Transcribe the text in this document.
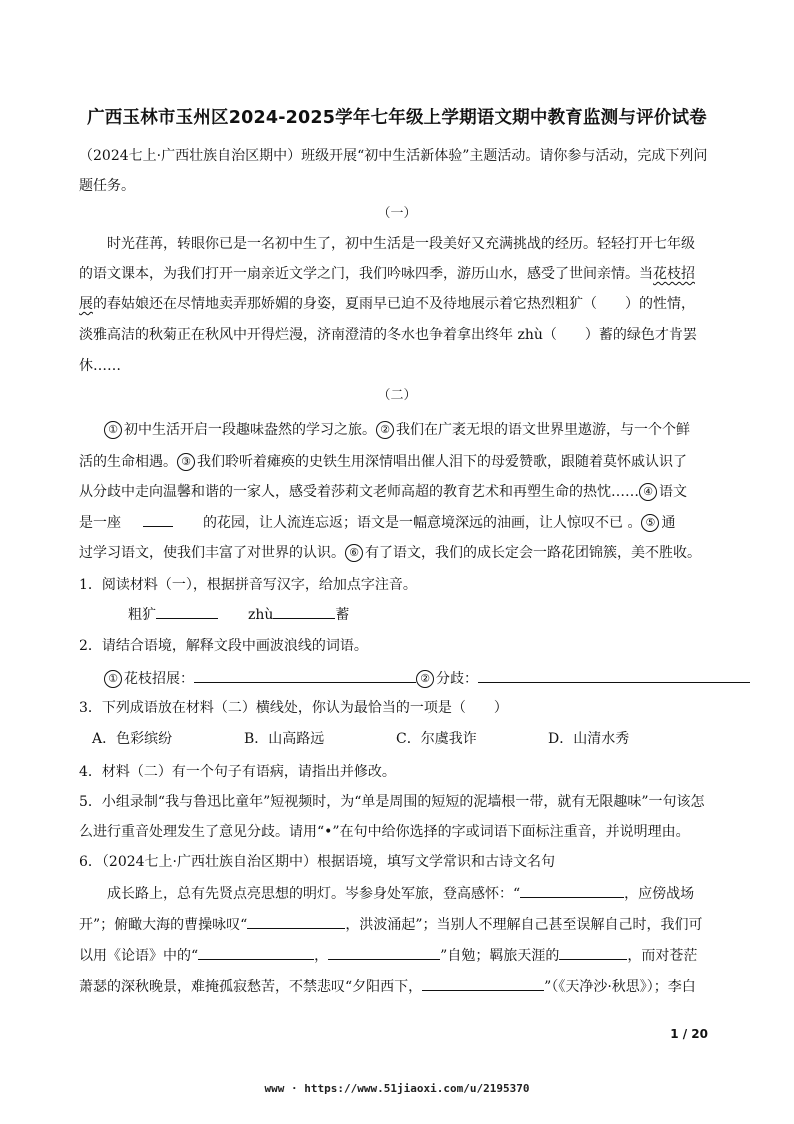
广西玉林市玉州区2024-2025学年七年级上学期语文期中教育监测与评价试卷
（2024七上·广西壮族自治区期中）班级开展“初中生活新体验”主题活动。请你参与活动，完成下列问
题任务。
（一）
时光荏苒，转眼你已是一名初中生了，初中生活是一段美好又充满挑战的经历。轻轻打开七年级
的语文课本，为我们打开一扇亲近文学之门，我们吟咏四季，游历山水，感受了世间亲情。当花枝招
展的春姑娘还在尽情地卖弄那娇媚的身姿，夏雨早已迫不及待地展示着它热烈粗犷（　　）的性情，
淡雅高洁的秋菊正在秋风中开得烂漫，济南澄清的冬水也争着拿出终年 zhù（　　）蓄的绿色才肯罢
休……
（二）
① 初中生活开启一段趣味盎然的学习之旅。 ② 我们在广袤无垠的语文世界里遨游，与一个个鲜
活的生命相遇。 ③ 我们聆听着瘫痪的史铁生用深情唱出催人泪下的母爱赞歌，跟随着莫怀戚认识了
从分歧中走向温馨和谐的一家人，感受着莎莉文老师高超的教育艺术和再塑生命的热忱…… ④ 语文
是一座	的花园，让人流连忘返；语文是一幅意境深远的油画，让人惊叹不已 。 ⑤ 通
过学习语文，使我们丰富了对世界的认识。 ⑥ 有了语文，我们的成长定会一路花团锦簇，美不胜收。
1．阅读材料（一），根据拼音写汉字，给加点字注音。
粗犷	zhù	蓄
2．请结合语境，解释文段中画波浪线的词语。
① 花枝招展：	② 分歧：
3．下列成语放在材料（二）横线处，你认为最恰当的一项是（　　）
A．色彩缤纷	B．山高路远	C．尔虞我诈	D．山清水秀
4．材料（二）有一个句子有语病，请指出并修改。
5．小组录制“我与鲁迅比童年”短视频时，为“单是周围的短短的泥墙根一带，就有无限趣味”一句该怎
么进行重音处理发生了意见分歧。请用“•”在句中给你选择的字或词语下面标注重音，并说明理由。
6．（2024七上·广西壮族自治区期中）根据语境，填写文学常识和古诗文名句
成长路上，总有先贤点亮思想的明灯。岑参身处军旅，登高感怀：“	，应傍战场
开”；俯瞰大海的曹操咏叹“	，洪波涌起”；当别人不理解自己甚至误解自己时，我们可
以用《论语》中的“	，	”自勉；羁旅天涯的	，而对苍茫
萧瑟的深秋晚景，难掩孤寂愁苦，不禁悲叹“夕阳西下，	”（《天净沙·秋思》）；李白
1 / 20
www · https://www.51jiaoxi.com/u/2195370
